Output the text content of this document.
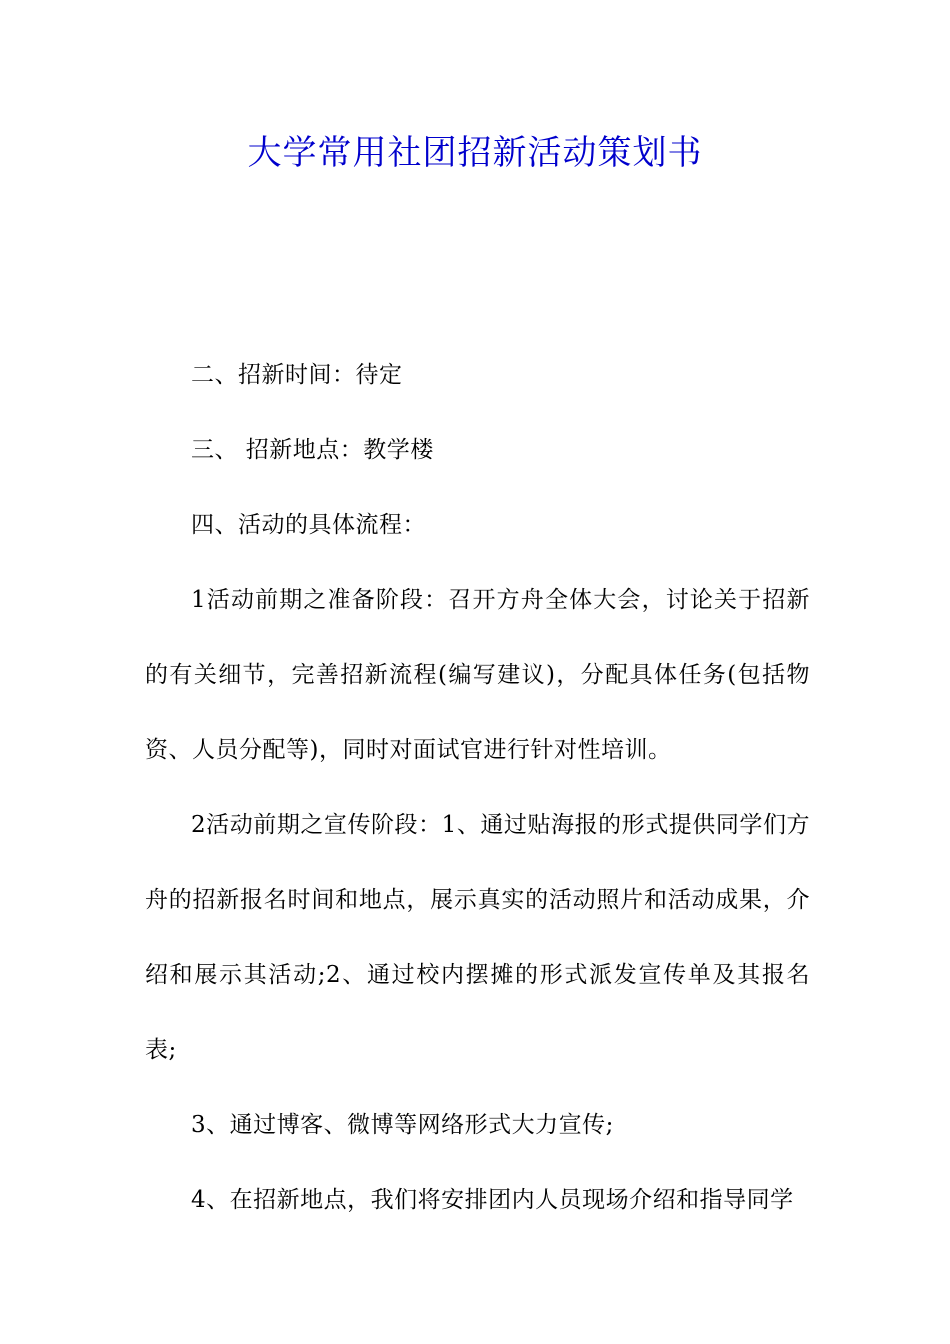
大学常用社团招新活动策划书

二、招新时间：待定

三、 招新地点：教学楼

四、活动的具体流程：

1活动前期之准备阶段：召开方舟全体大会，讨论关于招新的有关细节，完善招新流程(编写建议)，分配具体任务(包括物资、人员分配等)，同时对面试官进行针对性培训。

2活动前期之宣传阶段：1、通过贴海报的形式提供同学们方舟的招新报名时间和地点，展示真实的活动照片和活动成果，介绍和展示其活动;2、通过校内摆摊的形式派发宣传单及其报名表;

3、通过博客、微博等网络形式大力宣传;

4、在招新地点，我们将安排团内人员现场介绍和指导同学
